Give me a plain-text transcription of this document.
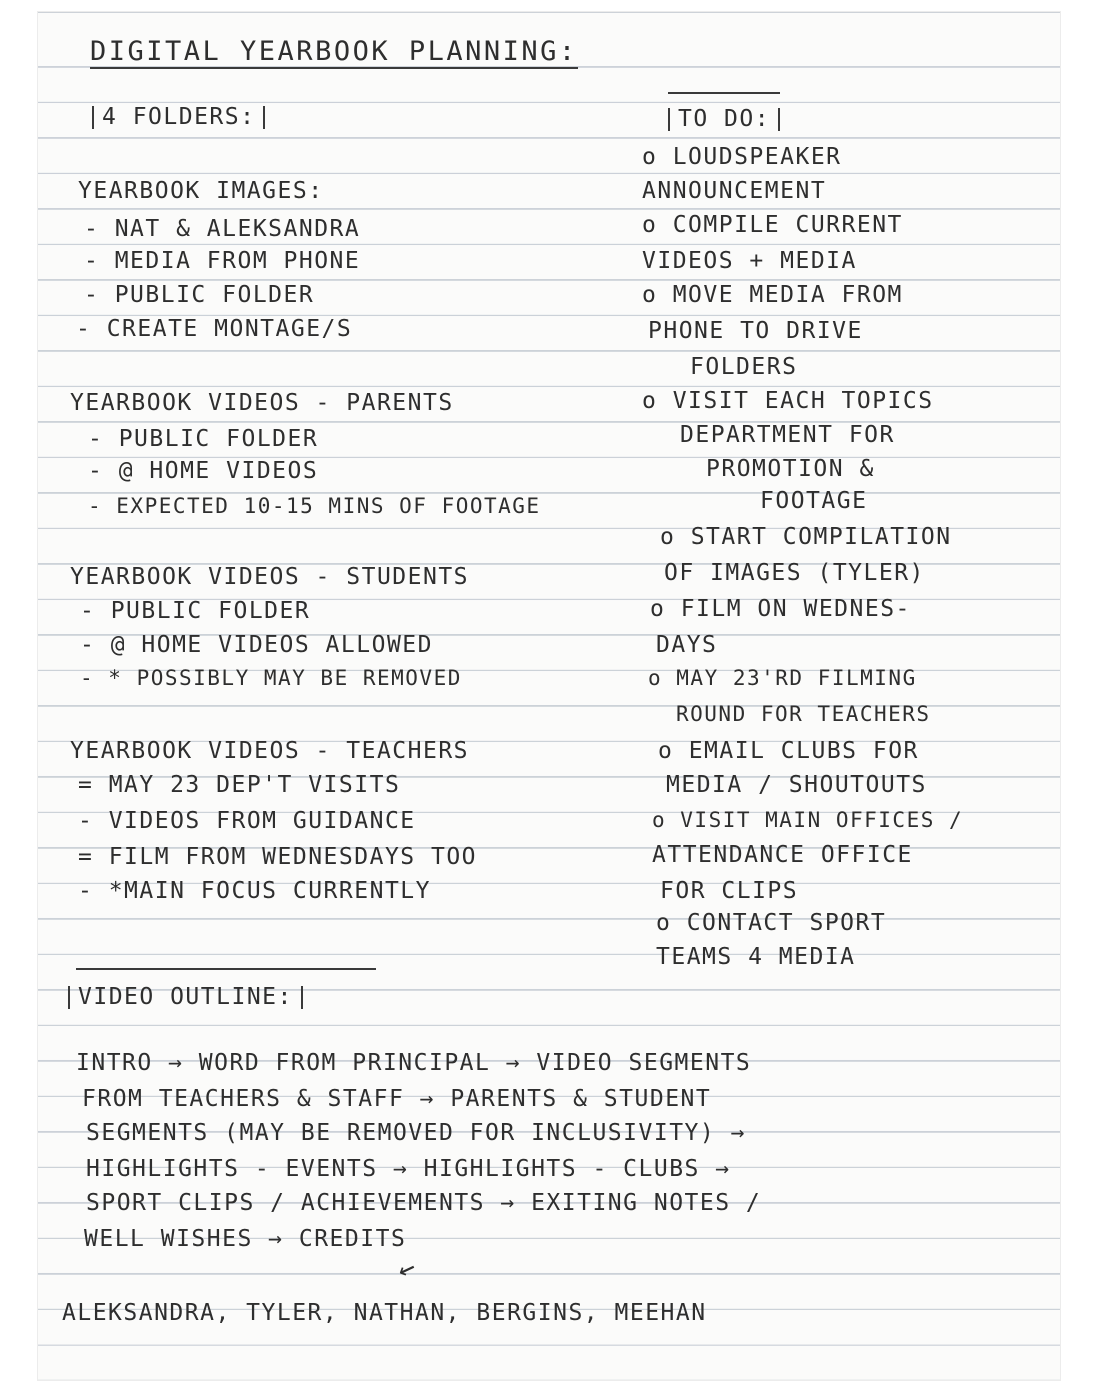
DIGITAL YEARBOOK PLANNING:
4 FOLDERS:
YEARBOOK IMAGES:
- NAT & ALEKSANDRA
- MEDIA FROM PHONE
- PUBLIC FOLDER
- CREATE MONTAGE/S
YEARBOOK VIDEOS - PARENTS
- PUBLIC FOLDER
- @ HOME VIDEOS
- EXPECTED 10-15 MINS OF FOOTAGE
YEARBOOK VIDEOS - STUDENTS
- PUBLIC FOLDER
- @ HOME VIDEOS ALLOWED
- * POSSIBLY MAY BE REMOVED
YEARBOOK VIDEOS - TEACHERS
= MAY 23 DEP'T VISITS
- VIDEOS FROM GUIDANCE
= FILM FROM WEDNESDAYS TOO
- *MAIN FOCUS CURRENTLY
TO DO:
o LOUDSPEAKER
ANNOUNCEMENT
o COMPILE CURRENT
VIDEOS + MEDIA
o MOVE MEDIA FROM
PHONE TO DRIVE
FOLDERS
o VISIT EACH TOPICS
DEPARTMENT FOR
PROMOTION &
FOOTAGE
o START COMPILATION
OF IMAGES (TYLER)
o FILM ON WEDNES-
DAYS
o MAY 23'RD FILMING
ROUND FOR TEACHERS
o EMAIL CLUBS FOR
MEDIA / SHOUTOUTS
o VISIT MAIN OFFICES /
ATTENDANCE OFFICE
FOR CLIPS
o CONTACT SPORT
TEAMS 4 MEDIA
VIDEO OUTLINE:
INTRO → WORD FROM PRINCIPAL → VIDEO SEGMENTS
FROM TEACHERS & STAFF → PARENTS & STUDENT
SEGMENTS (MAY BE REMOVED FOR INCLUSIVITY) →
HIGHLIGHTS - EVENTS → HIGHLIGHTS - CLUBS →
SPORT CLIPS / ACHIEVEMENTS → EXITING NOTES /
WELL WISHES → CREDITS
↙
ALEKSANDRA, TYLER, NATHAN, BERGINS, MEEHAN
